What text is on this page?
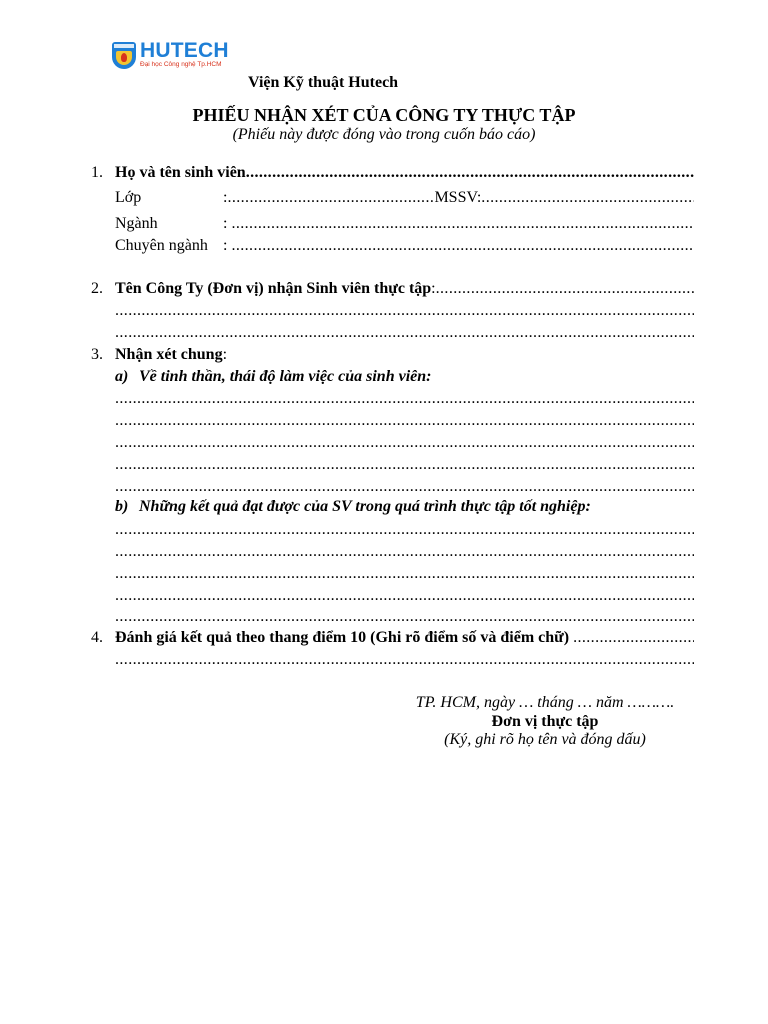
HUTECH
Đại học Công nghệ Tp.HCM
Viện Kỹ thuật Hutech
PHIẾU NHẬN XÉT CỦA CÔNG TY THỰC TẬP
(Phiếu này được đóng vào trong cuốn báo cáo)
1. Họ và tên sinh viên
.....
Lớp	:
.....	MSSV:
.....
Ngành	:
.....
Chuyên ngành :
.....
2. Tên Công Ty (Đơn vị) nhận Sinh viên thực tập :
.....
.....
.....
3. Nhận xét chung :
a) Về tinh thần, thái độ làm việc của sinh viên:
.....
.....
.....
.....
.....
b) Những kết quả đạt được của SV trong quá trình thực tập tốt nghiệp:
.....
.....
.....
.....
.....
4. Đánh giá kết quả theo thang điểm 10 (Ghi rõ điểm số và điểm chữ)

.....
.....
TP. HCM, ngày … tháng … năm ……….
Đơn vị thực tập
(Ký, ghi rõ họ tên và đóng dấu)
